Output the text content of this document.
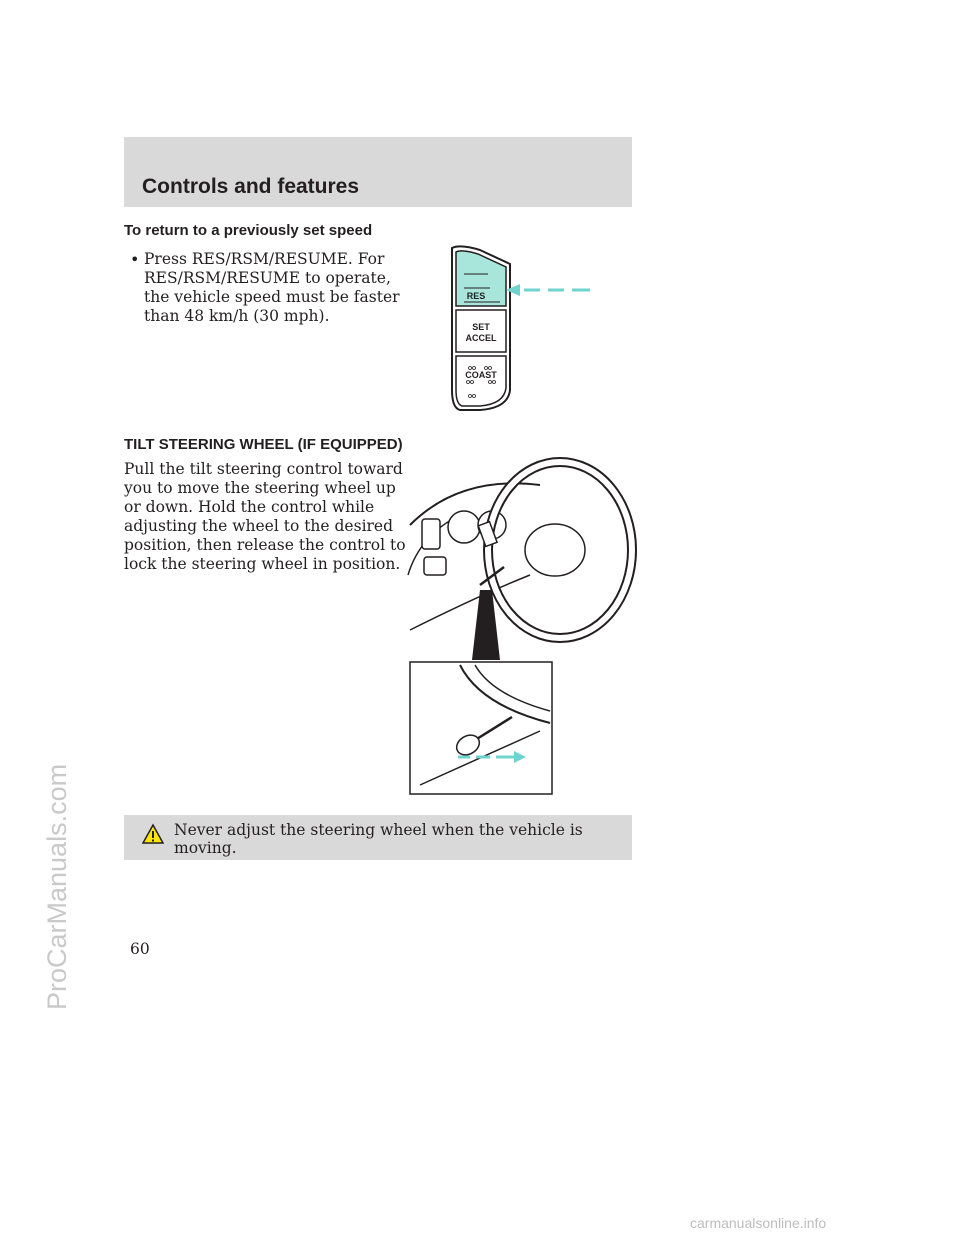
ProCarManuals.com
Controls and features

To return to a previously set speed

• Press RES/RSM/RESUME. For
RES/RSM/RESUME to operate,
the vehicle speed must be faster
than 48 km/h (30 mph).

RES
SET
ACCEL
COAST

TILT STEERING WHEEL (IF EQUIPPED)

Pull the tilt steering control toward
you to move the steering wheel up
or down. Hold the control while
adjusting the wheel to the desired
position, then release the control to
lock the steering wheel in position.

Never adjust the steering wheel when the vehicle is moving.

60

carmanualsonline.info
